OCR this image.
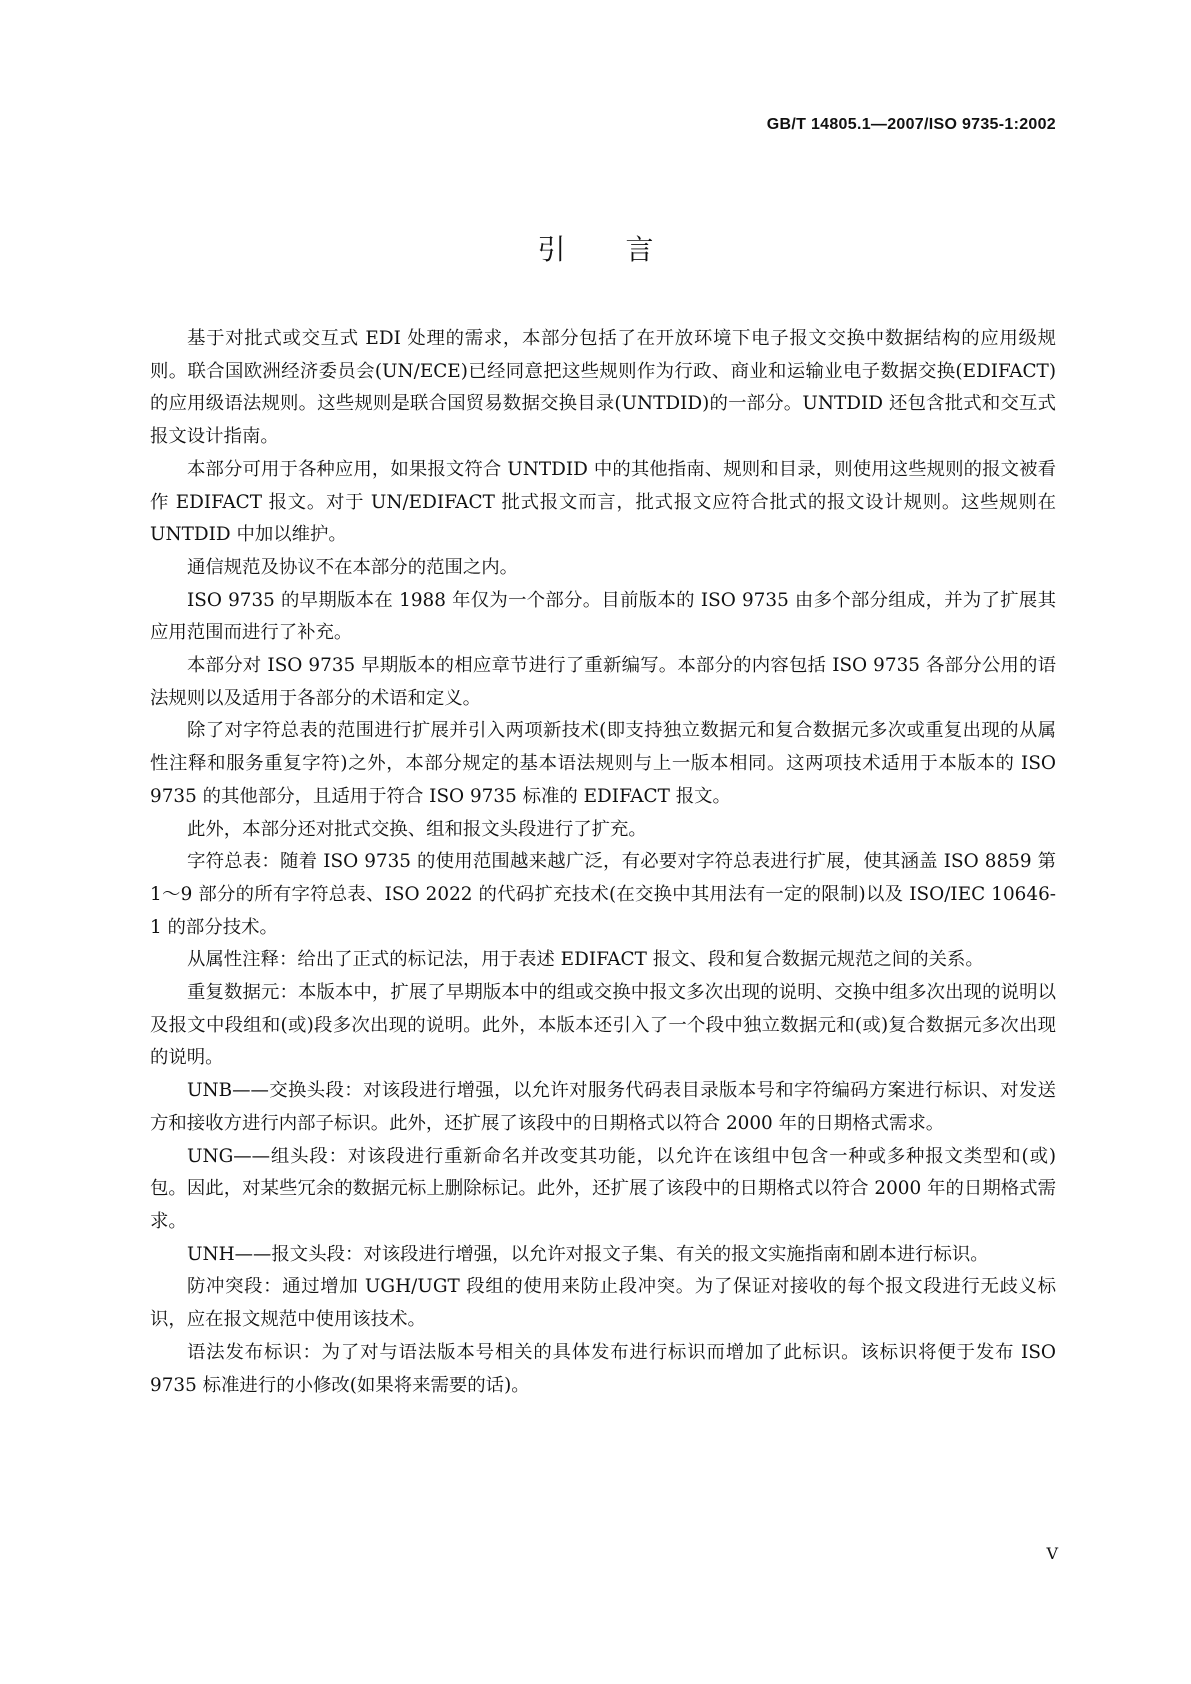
GB/T 14805.1—2007/ISO 9735-1:2002
引言

基于对批式或交互式 EDI 处理的需求，本部分包括了在开放环境下电子报文交换中数据结构的应用级规则。联合国欧洲经济委员会(UN/ECE)已经同意把这些规则作为行政、商业和运输业电子数据交换(EDIFACT)的应用级语法规则。这些规则是联合国贸易数据交换目录(UNTDID)的一部分。UNTDID 还包含批式和交互式报文设计指南。

本部分可用于各种应用，如果报文符合 UNTDID 中的其他指南、规则和目录，则使用这些规则的报文被看作 EDIFACT 报文。对于 UN/EDIFACT 批式报文而言，批式报文应符合批式的报文设计规则。这些规则在 UNTDID 中加以维护。

通信规范及协议不在本部分的范围之内。

ISO 9735 的早期版本在 1988 年仅为一个部分。目前版本的 ISO 9735 由多个部分组成，并为了扩展其应用范围而进行了补充。

本部分对 ISO 9735 早期版本的相应章节进行了重新编写。本部分的内容包括 ISO 9735 各部分公用的语法规则以及适用于各部分的术语和定义。

除了对字符总表的范围进行扩展并引入两项新技术(即支持独立数据元和复合数据元多次或重复出现的从属性注释和服务重复字符)之外，本部分规定的基本语法规则与上一版本相同。这两项技术适用于本版本的 ISO 9735 的其他部分，且适用于符合 ISO 9735 标准的 EDIFACT 报文。

此外，本部分还对批式交换、组和报文头段进行了扩充。

字符总表：随着 ISO 9735 的使用范围越来越广泛，有必要对字符总表进行扩展，使其涵盖 ISO 8859 第1～9 部分的所有字符总表、ISO 2022 的代码扩充技术(在交换中其用法有一定的限制)以及 ISO/IEC 10646-1 的部分技术。

从属性注释：给出了正式的标记法，用于表述 EDIFACT 报文、段和复合数据元规范之间的关系。

重复数据元：本版本中，扩展了早期版本中的组或交换中报文多次出现的说明、交换中组多次出现的说明以及报文中段组和(或)段多次出现的说明。此外，本版本还引入了一个段中独立数据元和(或)复合数据元多次出现的说明。

UNB——交换头段：对该段进行增强，以允许对服务代码表目录版本号和字符编码方案进行标识、对发送方和接收方进行内部子标识。此外，还扩展了该段中的日期格式以符合 2000 年的日期格式需求。

UNG——组头段：对该段进行重新命名并改变其功能，以允许在该组中包含一种或多种报文类型和(或)包。因此，对某些冗余的数据元标上删除标记。此外，还扩展了该段中的日期格式以符合 2000 年的日期格式需求。

UNH——报文头段：对该段进行增强，以允许对报文子集、有关的报文实施指南和剧本进行标识。

防冲突段：通过增加 UGH/UGT 段组的使用来防止段冲突。为了保证对接收的每个报文段进行无歧义标识，应在报文规范中使用该技术。

语法发布标识：为了对与语法版本号相关的具体发布进行标识而增加了此标识。该标识将便于发布 ISO 9735 标准进行的小修改(如果将来需要的话)。

V
